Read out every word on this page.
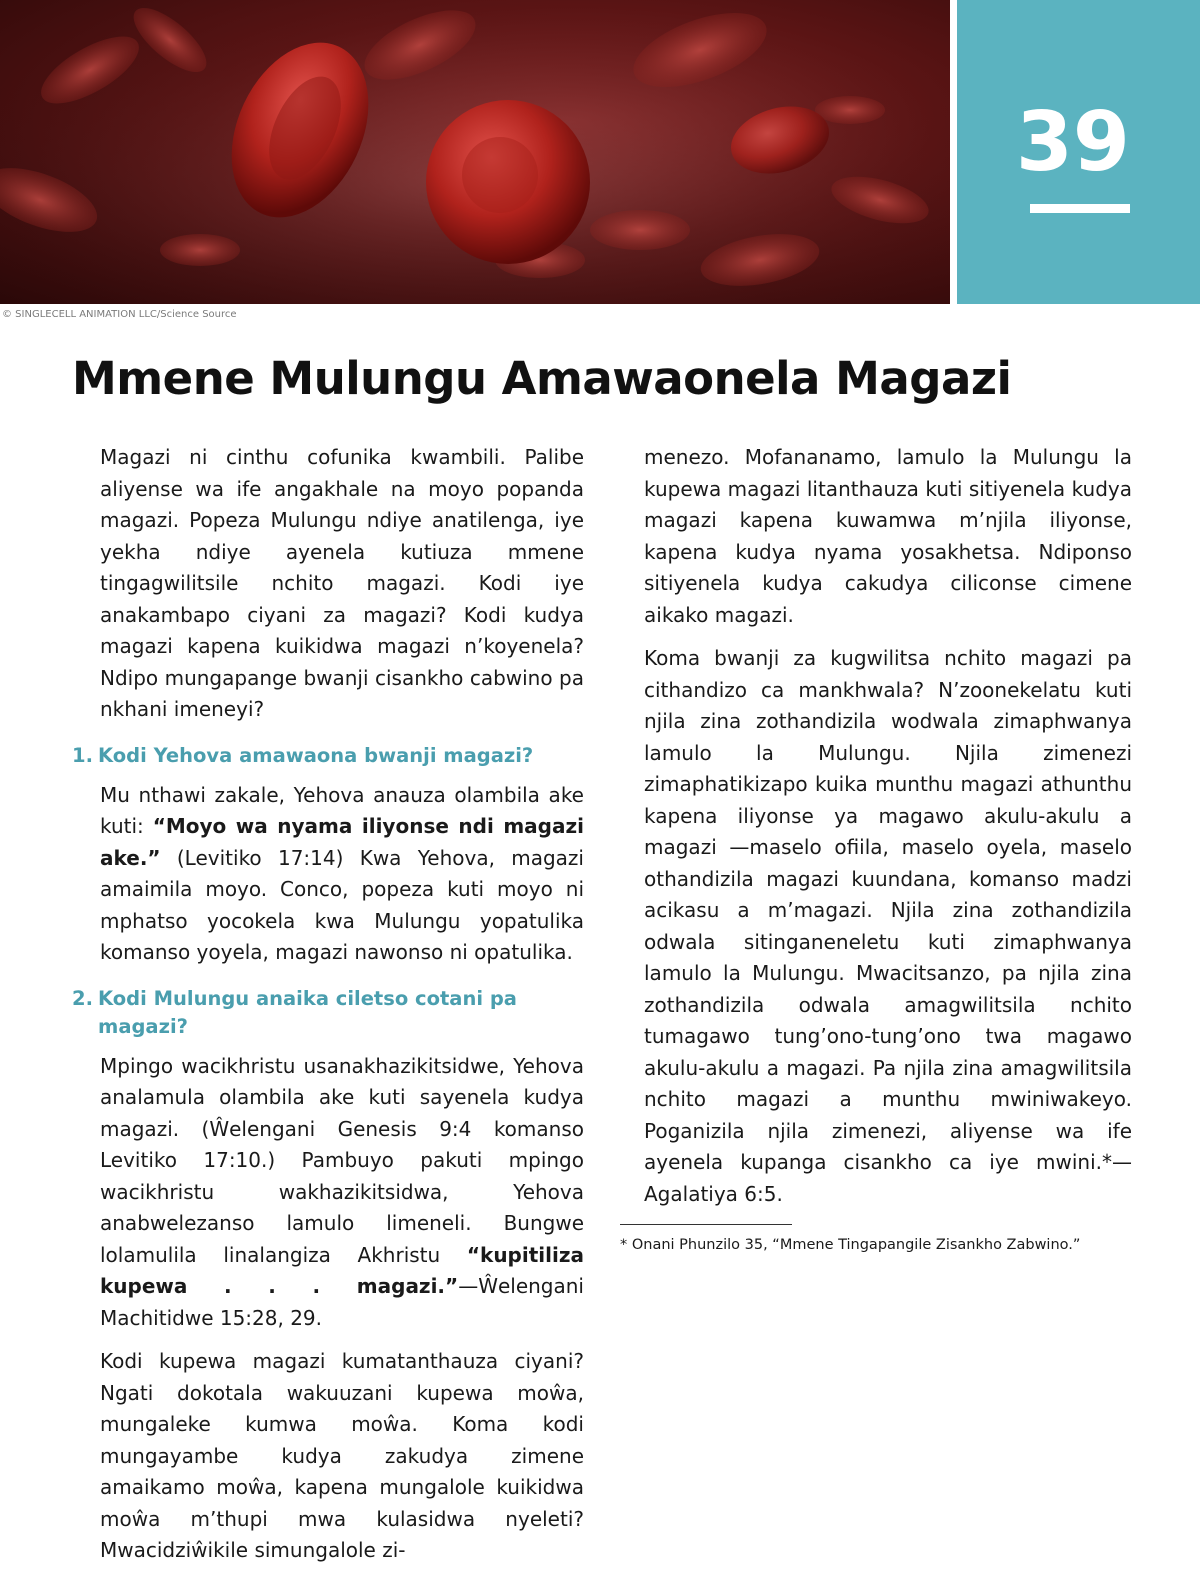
39
© SINGLECELL ANIMATION LLC/Science Source
Mmene Mulungu Amawaonela Magazi

Magazi ni cinthu cofunika kwambili. Palibe aliyense wa ife angakhale na moyo popanda magazi. Popeza Mulungu ndiye anatilenga, iye yekha ndiye ayenela kutiuza mmene tingagwilitsile nchito magazi. Kodi iye anakambapo ciyani za magazi? Kodi kudya magazi kapena kuikidwa magazi n’koyenela? Ndipo mungapange bwanji cisankho cabwino pa nkhani imeneyi?

1. Kodi Yehova amawaona bwanji magazi?

Mu nthawi zakale, Yehova anauza olambila ake kuti: “Moyo wa nyama iliyonse ndi magazi ake.” (Levitiko 17:14) Kwa Yehova, magazi amaimila moyo. Conco, popeza kuti moyo ni mphatso yocokela kwa Mulungu yopatulika komanso yoyela, magazi nawonso ni opatulika.

2. Kodi Mulungu anaika ciletso cotani pa magazi?

Mpingo wacikhristu usanakhazikitsidwe, Yehova analamula olambila ake kuti sayenela kudya magazi. (Ŵelengani Genesis 9:4 komanso Levitiko 17:10.) Pambuyo pakuti mpingo wacikhristu wakhazikitsidwa, Yehova anabwelezanso lamulo limeneli. Bungwe lolamulila linalangiza Akhristu “kupitiliza kupewa . . . magazi.”—Ŵelengani Machitidwe 15:28, 29.

Kodi kupewa magazi kumatanthauza ciyani? Ngati dokotala wakuuzani kupewa moŵa, mungaleke kumwa moŵa. Koma kodi mungayambe kudya zakudya zimene amaikamo moŵa, kapena mungalole kuikidwa moŵa m’thupi mwa kulasidwa nyeleti? Mwacidziŵikile simungalole zi-

menezo. Mofananamo, lamulo la Mulungu la kupewa magazi litanthauza kuti sitiyenela kudya magazi kapena kuwamwa m’njila iliyonse, kapena kudya nyama yosakhetsa. Ndiponso sitiyenela kudya cakudya ciliconse cimene aikako magazi.

Koma bwanji za kugwilitsa nchito magazi pa cithandizo ca mankhwala? N’zoonekelatu kuti njila zina zothandizila wodwala zimaphwanya lamulo la Mulungu. Njila zimenezi zimaphatikizapo kuika munthu magazi athunthu kapena iliyonse ya magawo akulu-akulu a magazi —maselo ofiila, maselo oyela, maselo othandizila magazi kuundana, komanso madzi acikasu a m’magazi. Njila zina zothandizila odwala sitinganeneletu kuti zimaphwanya lamulo la Mulungu. Mwacitsanzo, pa njila zina zothandizila odwala amagwilitsila nchito tumagawo tung’ono-tung’ono twa magawo akulu-akulu a magazi. Pa njila zina amagwilitsila nchito magazi a munthu mwiniwakeyo. Poganizila njila zimenezi, aliyense wa ife ayenela kupanga cisankho ca iye mwini.*—Agalatiya 6:5.

* Onani Phunzilo 35, “Mmene Tingapangile Zisankho Zabwino.”
